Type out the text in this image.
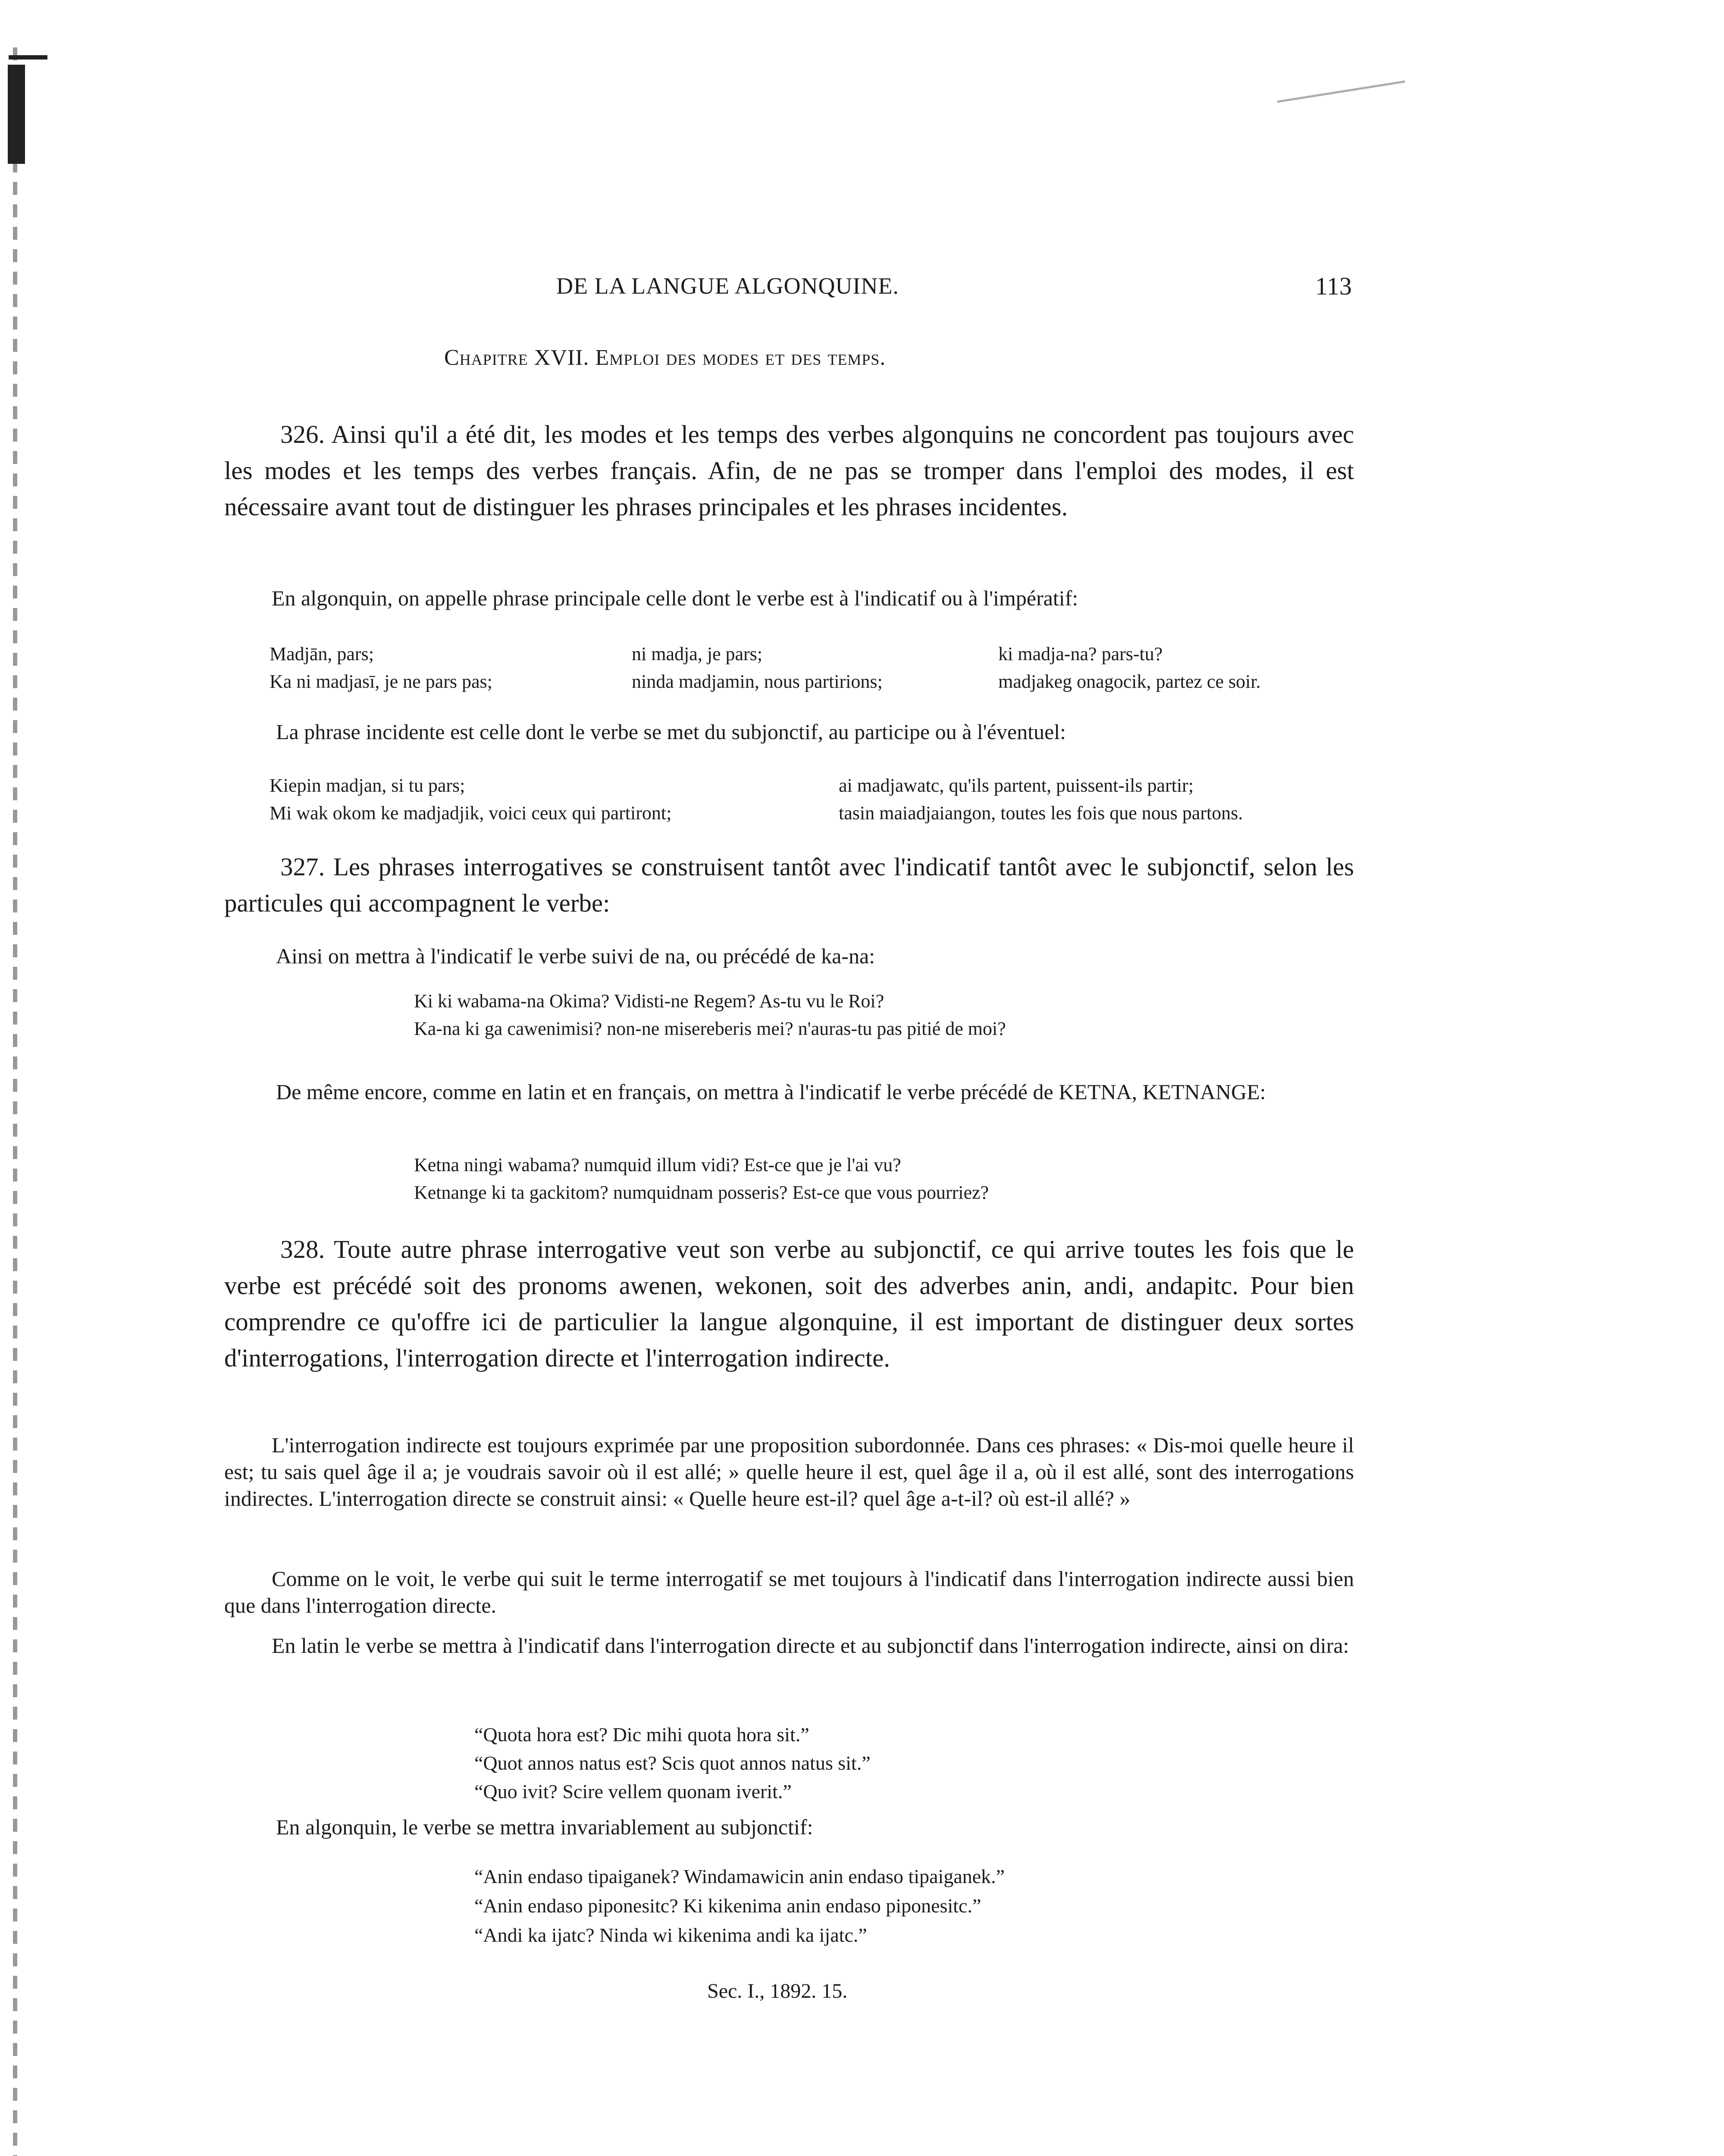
DE LA LANGUE ALGONQUINE.	113
Chapitre XVII. Emploi des modes et des temps.

326. Ainsi qu'il a été dit, les modes et les temps des verbes algonquins ne concordent pas toujours avec les modes et les temps des verbes français. Afin, de ne pas se tromper dans l'emploi des modes, il est nécessaire avant tout de distinguer les phrases principales et les phrases incidentes.

En algonquin, on appelle phrase principale celle dont le verbe est à l'indicatif ou à l'impératif:

Madjān, pars;	ni madja, je pars;	ki madja-na? pars-tu?
Ka ni madjasī, je ne pars pas;	ninda madjamin, nous partirions;	madjakeg onagocik, partez ce soir.

La phrase incidente est celle dont le verbe se met du subjonctif, au participe ou à l'éventuel:

Kiepin madjan, si tu pars;	ai madjawatc, qu'ils partent, puissent-ils partir;
Mi wak okom ke madjadjik, voici ceux qui partiront;	tasin maiadjaiangon, toutes les fois que nous partons.

327. Les phrases interrogatives se construisent tantôt avec l'indicatif tantôt avec le subjonctif, selon les particules qui accompagnent le verbe:

Ainsi on mettra à l'indicatif le verbe suivi de na, ou précédé de ka-na:

Ki ki wabama-na Okima? Vidisti-ne Regem? As-tu vu le Roi?
Ka-na ki ga cawenimisi? non-ne misereberis mei? n'auras-tu pas pitié de moi?

De même encore, comme en latin et en français, on mettra à l'indicatif le verbe précédé de KETNA, KETNANGE:

Ketna ningi wabama? numquid illum vidi? Est-ce que je l'ai vu?
Ketnange ki ta gackitom? numquidnam posseris? Est-ce que vous pourriez?

328. Toute autre phrase interrogative veut son verbe au subjonctif, ce qui arrive toutes les fois que le verbe est précédé soit des pronoms awenen, wekonen, soit des adverbes anin, andi, andapitc. Pour bien comprendre ce qu'offre ici de particulier la langue algonquine, il est important de distinguer deux sortes d'interrogations, l'interrogation directe et l'interrogation indirecte.

L'interrogation indirecte est toujours exprimée par une proposition subordonnée. Dans ces phrases: « Dis-moi quelle heure il est; tu sais quel âge il a; je voudrais savoir où il est allé; » quelle heure il est, quel âge il a, où il est allé, sont des interrogations indirectes. L'interrogation directe se construit ainsi: « Quelle heure est-il? quel âge a-t-il? où est-il allé? »

Comme on le voit, le verbe qui suit le terme interrogatif se met toujours à l'indicatif dans l'interrogation indirecte aussi bien que dans l'interrogation directe.

En latin le verbe se mettra à l'indicatif dans l'interrogation directe et au subjonctif dans l'interrogation indirecte, ainsi on dira:

“Quota hora est? Dic mihi quota hora sit.”
“Quot annos natus est? Scis quot annos natus sit.”
“Quo ivit? Scire vellem quonam iverit.”

En algonquin, le verbe se mettra invariablement au subjonctif:

“Anin endaso tipaiganek? Windamawicin anin endaso tipaiganek.”
“Anin endaso piponesitc? Ki kikenima anin endaso piponesitc.”
“Andi ka ijatc? Ninda wi kikenima andi ka ijatc.”
Sec. I., 1892. 15.
